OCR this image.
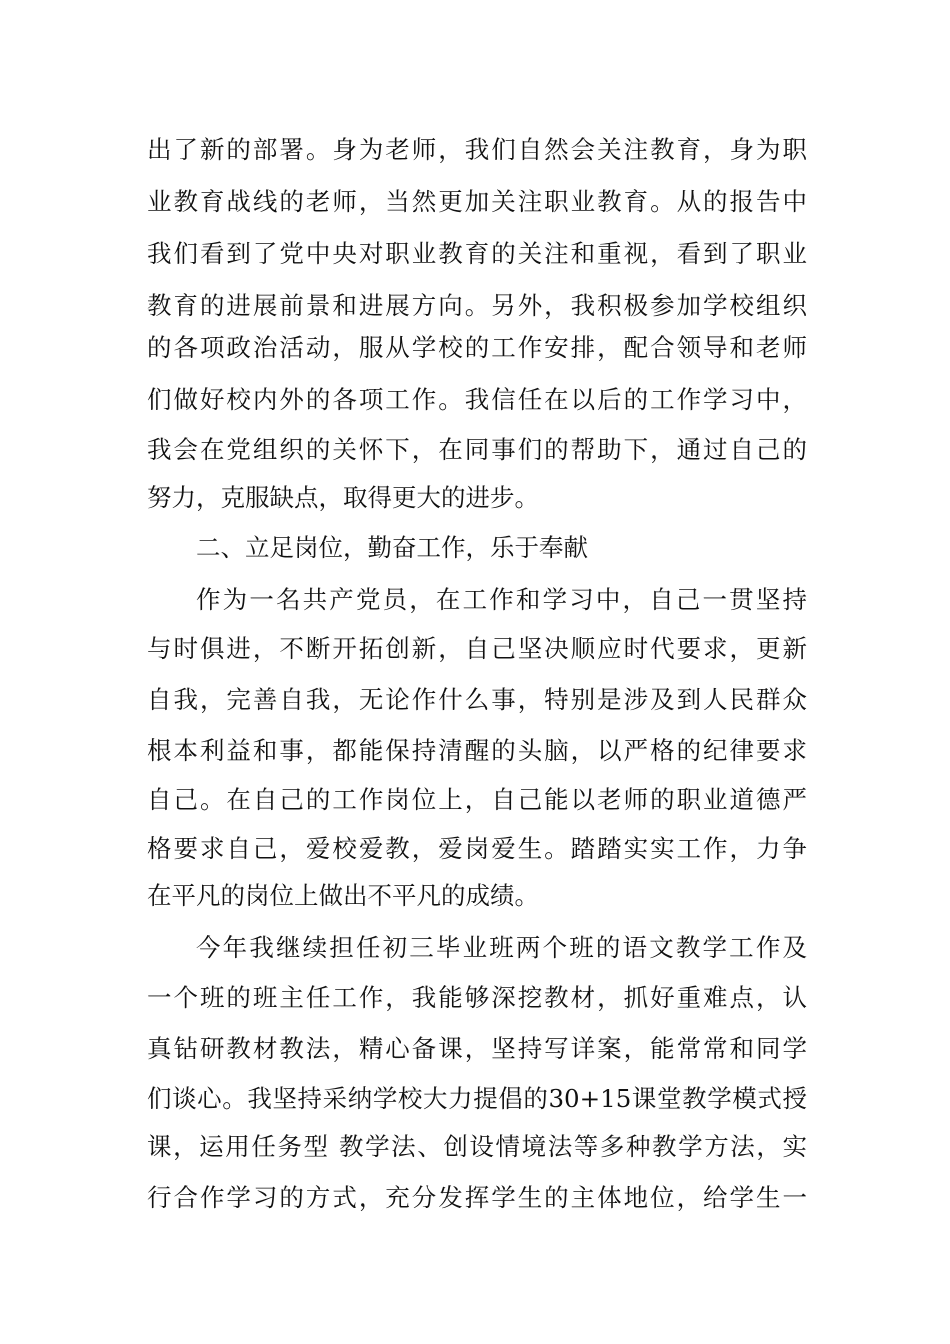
出了新的部署。身为老师，我们自然会关注教育，身为职
业教育战线的老师，当然更加关注职业教育。从的报告中
我们看到了党中央对职业教育的关注和重视，看到了职业
教育的进展前景和进展方向。另外，我积极参加学校组织
的各项政治活动，服从学校的工作安排，配合领导和老师
们做好校内外的各项工作。我信任在以后的工作学习中，
我会在党组织的关怀下，在同事们的帮助下，通过自己的
努力，克服缺点，取得更大的进步。
二、立足岗位，勤奋工作，乐于奉献
作为一名共产党员，在工作和学习中，自己一贯坚持
与时俱进，不断开拓创新，自己坚决顺应时代要求，更新
自我，完善自我，无论作什么事，特别是涉及到人民群众
根本利益和事，都能保持清醒的头脑，以严格的纪律要求
自己。在自己的工作岗位上，自己能以老师的职业道德严
格要求自己，爱校爱教，爱岗爱生。踏踏实实工作，力争
在平凡的岗位上做出不平凡的成绩。
今年我继续担任初三毕业班两个班的语文教学工作及
一个班的班主任工作，我能够深挖教材，抓好重难点，认
真钻研教材教法，精心备课，坚持写详案，能常常和同学
们谈心。我坚持采纳学校大力提倡的30+15课堂教学模式授
课，运用任务型 教学法、创设情境法等多种教学方法，实
行合作学习的方式，充分发挥学生的主体地位，给学生一
